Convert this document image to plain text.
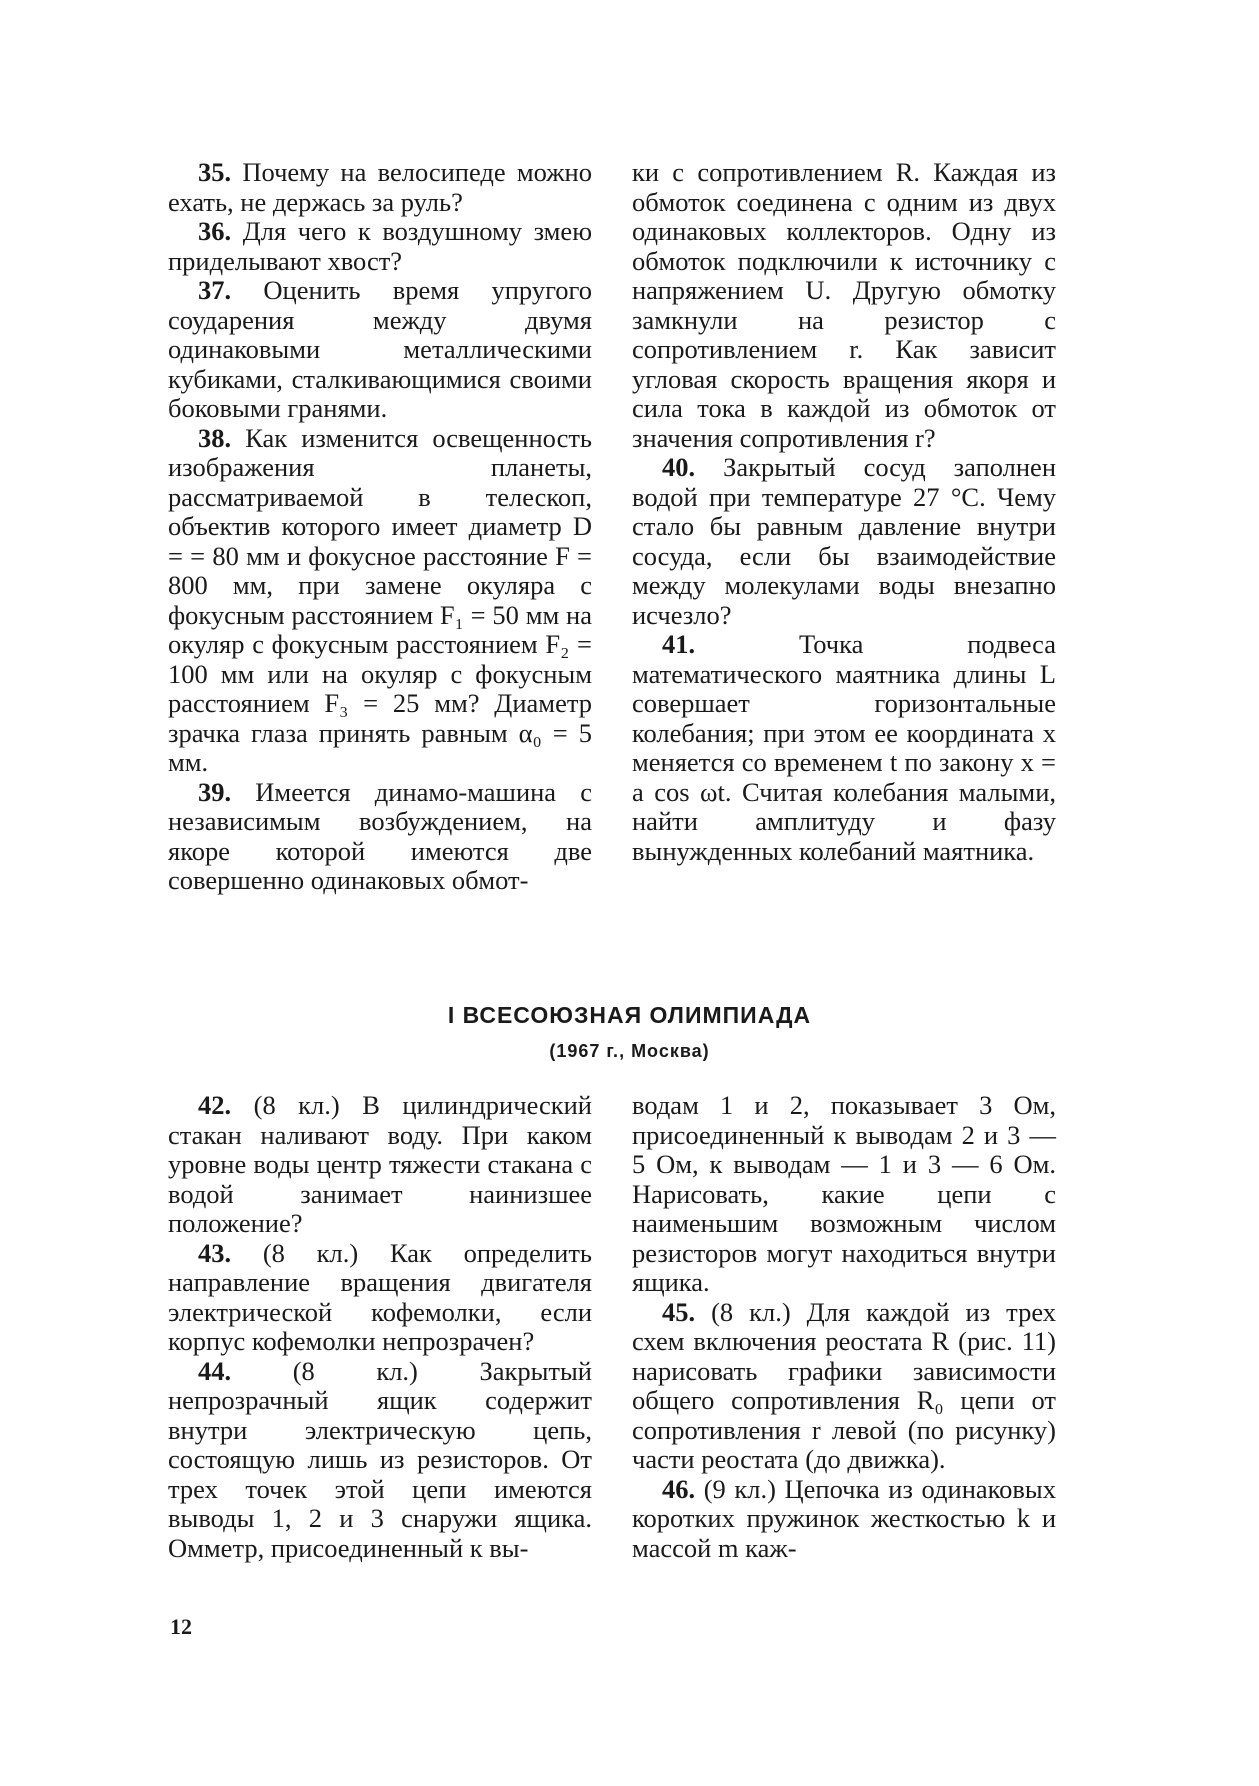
35. Почему на велосипеде можно ехать, не держась за руль?

36. Для чего к воздушному змею приделывают хвост?

37. Оценить время упругого соударения между двумя одинаковыми металлическими кубиками, сталкивающимися своими боковыми гранями.

38. Как изменится освещенность изображения планеты, рассматриваемой в телескоп, объектив которого имеет диаметр D = = 80 мм и фокусное расстояние F = 800 мм, при замене окуляра с фокусным расстоянием F₁ = 50 мм на окуляр с фокусным расстоянием F₂ = 100 мм или на окуляр с фокусным расстоянием F₃ = 25 мм? Диаметр зрачка глаза принять равным α₀ = 5 мм.

39. Имеется динамо-машина с независимым возбуждением, на якоре которой имеются две совершенно одинаковых обмот-

ки с сопротивлением R. Каждая из обмоток соединена с одним из двух одинаковых коллекторов. Одну из обмоток подключили к источнику с напряжением U. Другую обмотку замкнули на резистор с сопротивлением r. Как зависит угловая скорость вращения якоря и сила тока в каждой из обмоток от значения сопротивления r?

40. Закрытый сосуд заполнен водой при температуре 27 °С. Чему стало бы равным давление внутри сосуда, если бы взаимодействие между молекулами воды внезапно исчезло?

41. Точка подвеса математического маятника длины L совершает горизонтальные колебания; при этом ее координата x меняется со временем t по закону x = a cos ωt. Считая колебания малыми, найти амплитуду и фазу вынужденных колебаний маятника.

I ВСЕСОЮЗНАЯ ОЛИМПИАДА
(1967 г., Москва)

42. (8 кл.) В цилиндрический стакан наливают воду. При каком уровне воды центр тяжести стакана с водой занимает наинизшее положение?

43. (8 кл.) Как определить направление вращения двигателя электрической кофемолки, если корпус кофемолки непрозрачен?

44. (8 кл.) Закрытый непрозрачный ящик содержит внутри электрическую цепь, состоящую лишь из резисторов. От трех точек этой цепи имеются выводы 1, 2 и 3 снаружи ящика. Омметр, присоединенный к вы-

водам 1 и 2, показывает 3 Ом, присоединенный к выводам 2 и 3 — 5 Ом, к выводам — 1 и 3 — 6 Ом. Нарисовать, какие цепи с наименьшим возможным числом резисторов могут находиться внутри ящика.

45. (8 кл.) Для каждой из трех схем включения реостата R (рис. 11) нарисовать графики зависимости общего сопротивления R₀ цепи от сопротивления r левой (по рисунку) части реостата (до движка).

46. (9 кл.) Цепочка из одинаковых коротких пружинок жесткостью k и массой m каж-

12
